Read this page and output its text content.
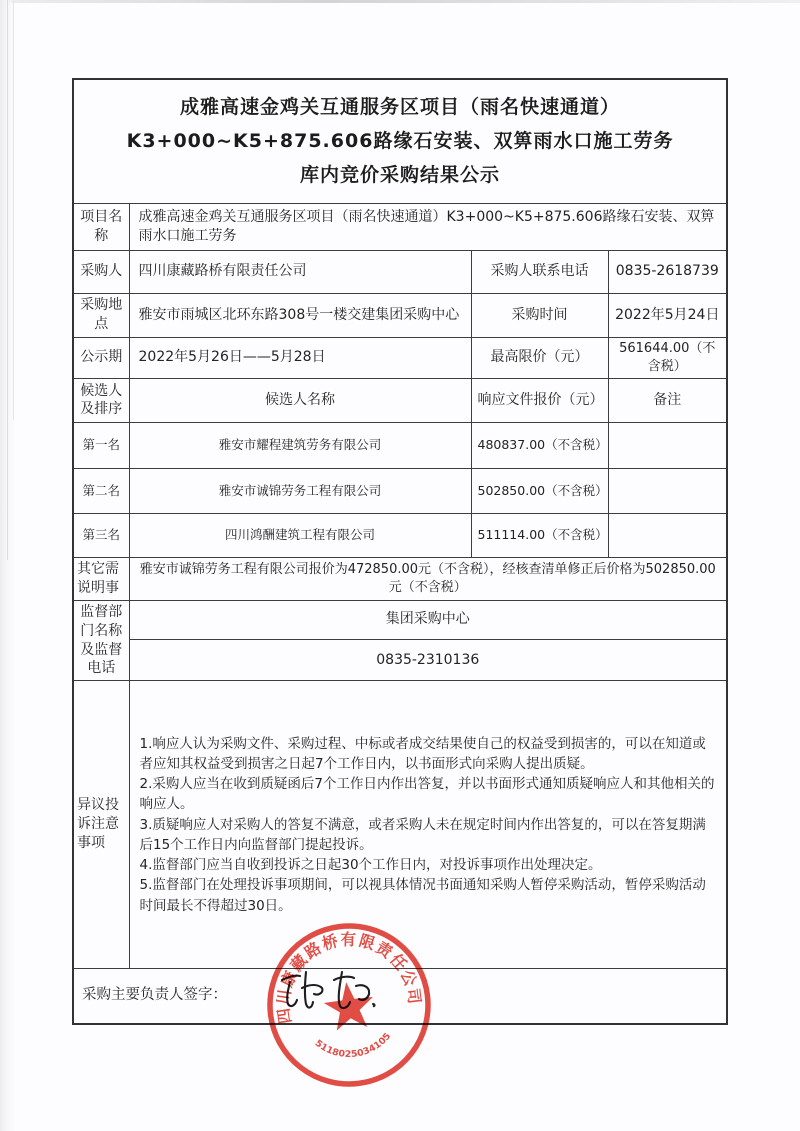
成雅高速金鸡关互通服务区项目（雨名快速通道）
K3+000~K5+875.606路缘石安装、双箅雨水口施工劳务
库内竞价采购结果公示			

项目名称	成雅高速金鸡关互通服务区项目（雨名快速通道）K3+000~K5+875.606路缘石安装、双箅雨水口施工劳务		
采购人	四川康藏路桥有限责任公司	采购人联系电话	0835-2618739
采购地点	雅安市雨城区北环东路308号一楼交建集团采购中心	采购时间	2022年5月24日
公示期	2022年5月26日——5月28日	最高限价（元）	561644.00（不含税）
候选人及排序	候选人名称	响应文件报价（元）	备注
第一名	雅安市耀程建筑劳务有限公司	480837.00（不含税）	
第二名	雅安市诚锦劳务工程有限公司	502850.00（不含税）	
第三名	四川鸿酬建筑工程有限公司	511114.00（不含税）	
其它需说明事	雅安市诚锦劳务工程有限公司报价为472850.00元（不含税），经核查清单修正后价格为502850.00元（不含税）		
监督部门名称及监督电话	集团采购中心		
	0835-2310136		
异议投诉注意事项	1.响应人认为采购文件、采购过程、中标或者成交结果使自己的权益受到损害的，可以在知道或者应知其权益受到损害之日起7个工作日内，以书面形式向采购人提出质疑。
2.采购人应当在收到质疑函后7个工作日内作出答复，并以书面形式通知质疑响应人和其他相关的响应人。
3.质疑响应人对采购人的答复不满意，或者采购人未在规定时间内作出答复的，可以在答复期满后15个工作日内向监督部门提起投诉。
4.监督部门应当自收到投诉之日起30个工作日内，对投诉事项作出处理决定。
5.监督部门在处理投诉事项期间，可以视具体情况书面通知采购人暂停采购活动，暂停采购活动时间最长不得超过30日。		

采购主要负责人签字：			
四川康藏路桥有限责任公司
5118025034105
